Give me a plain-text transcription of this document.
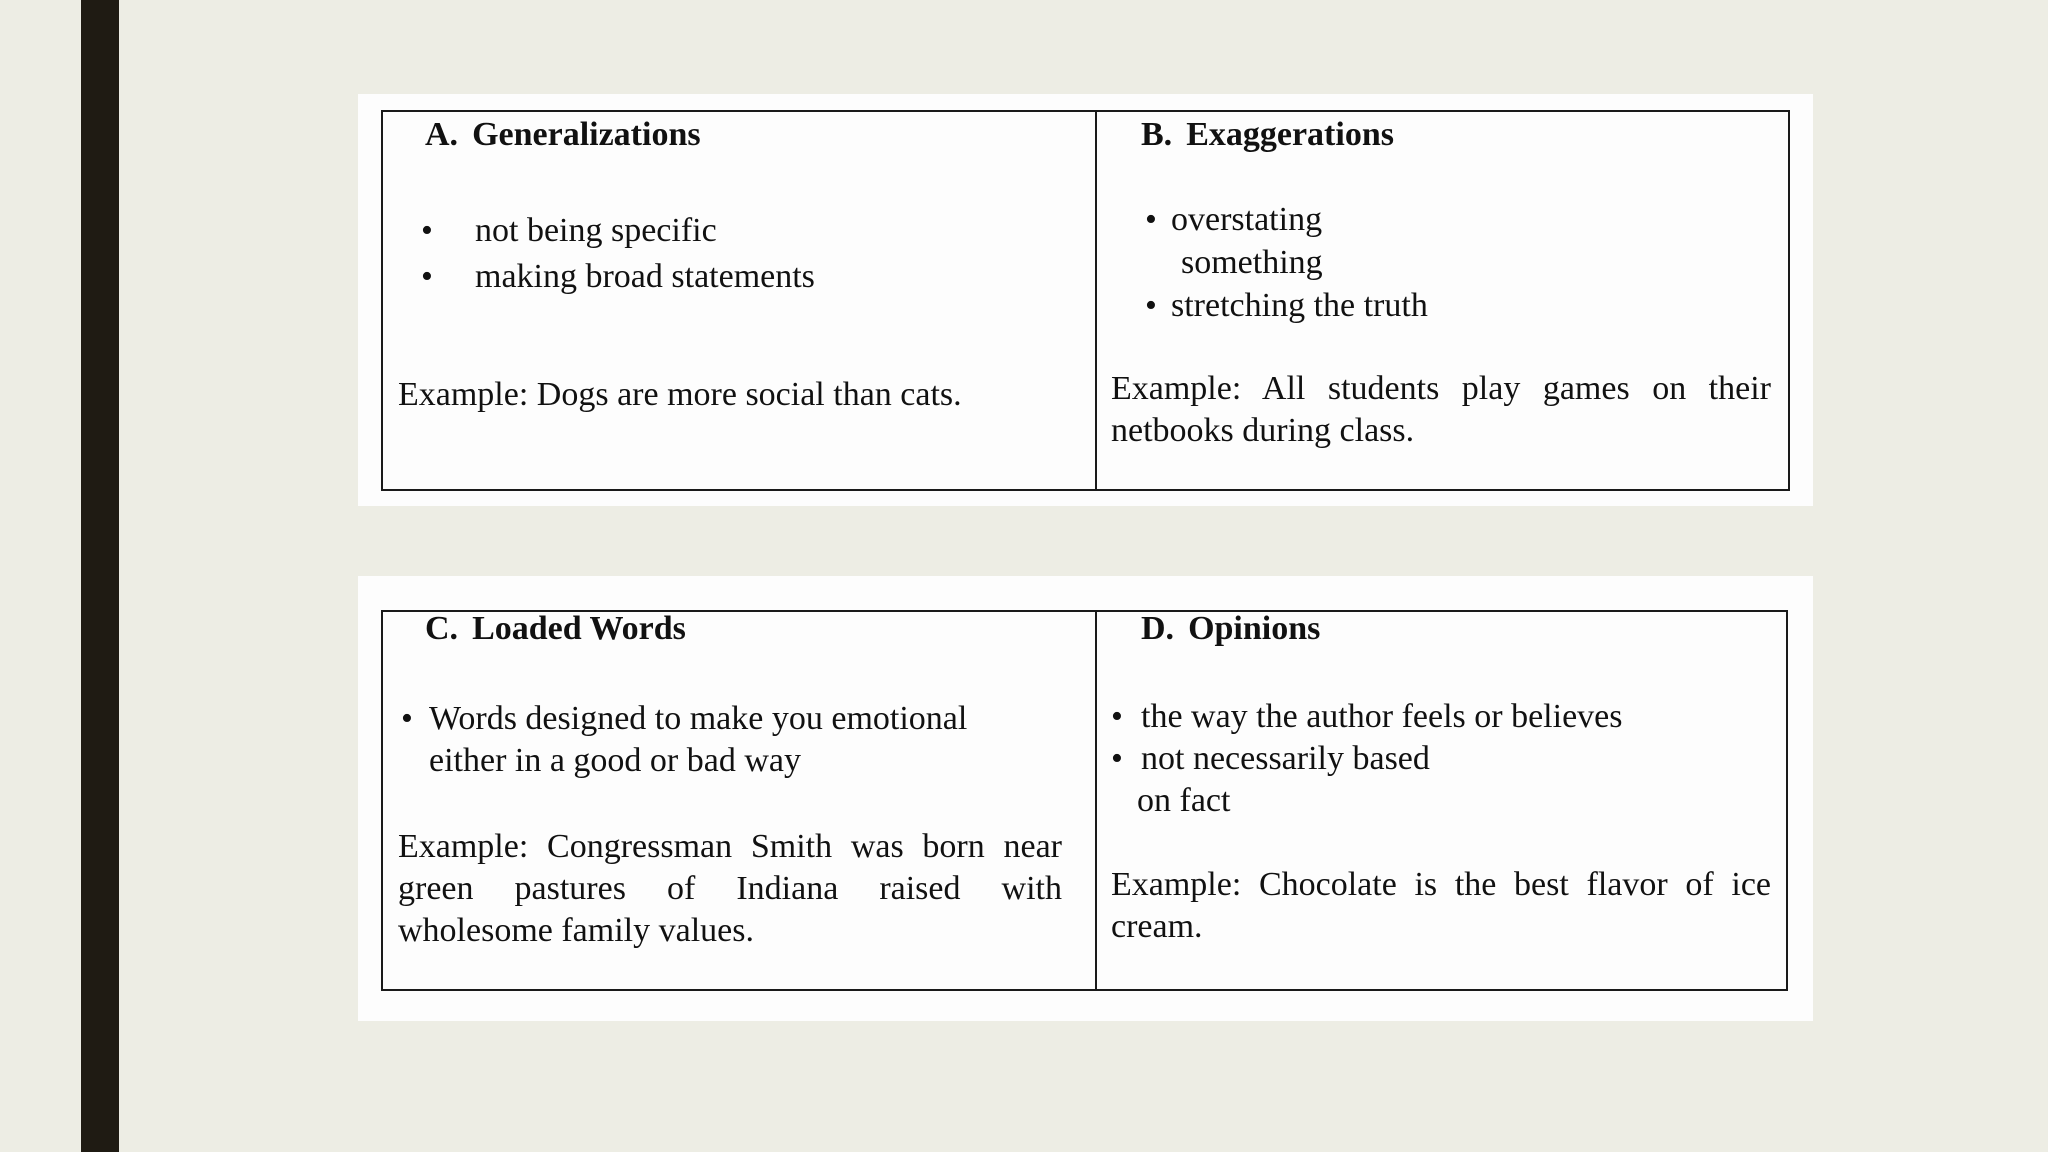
A. Generalizations
• not being specific
• making broad statements
Example: Dogs are more social than cats.
B. Exaggerations
• overstating
something
• stretching the truth
Example: All students play games on their netbooks during class.
C. Loaded Words
• Words designed to make you emotional
either in a good or bad way
Example: Congressman Smith was born near green pastures of Indiana raised with wholesome family values.
D. Opinions
• the way the author feels or believes
• not necessarily based
on fact
Example: Chocolate is the best flavor of ice cream.
